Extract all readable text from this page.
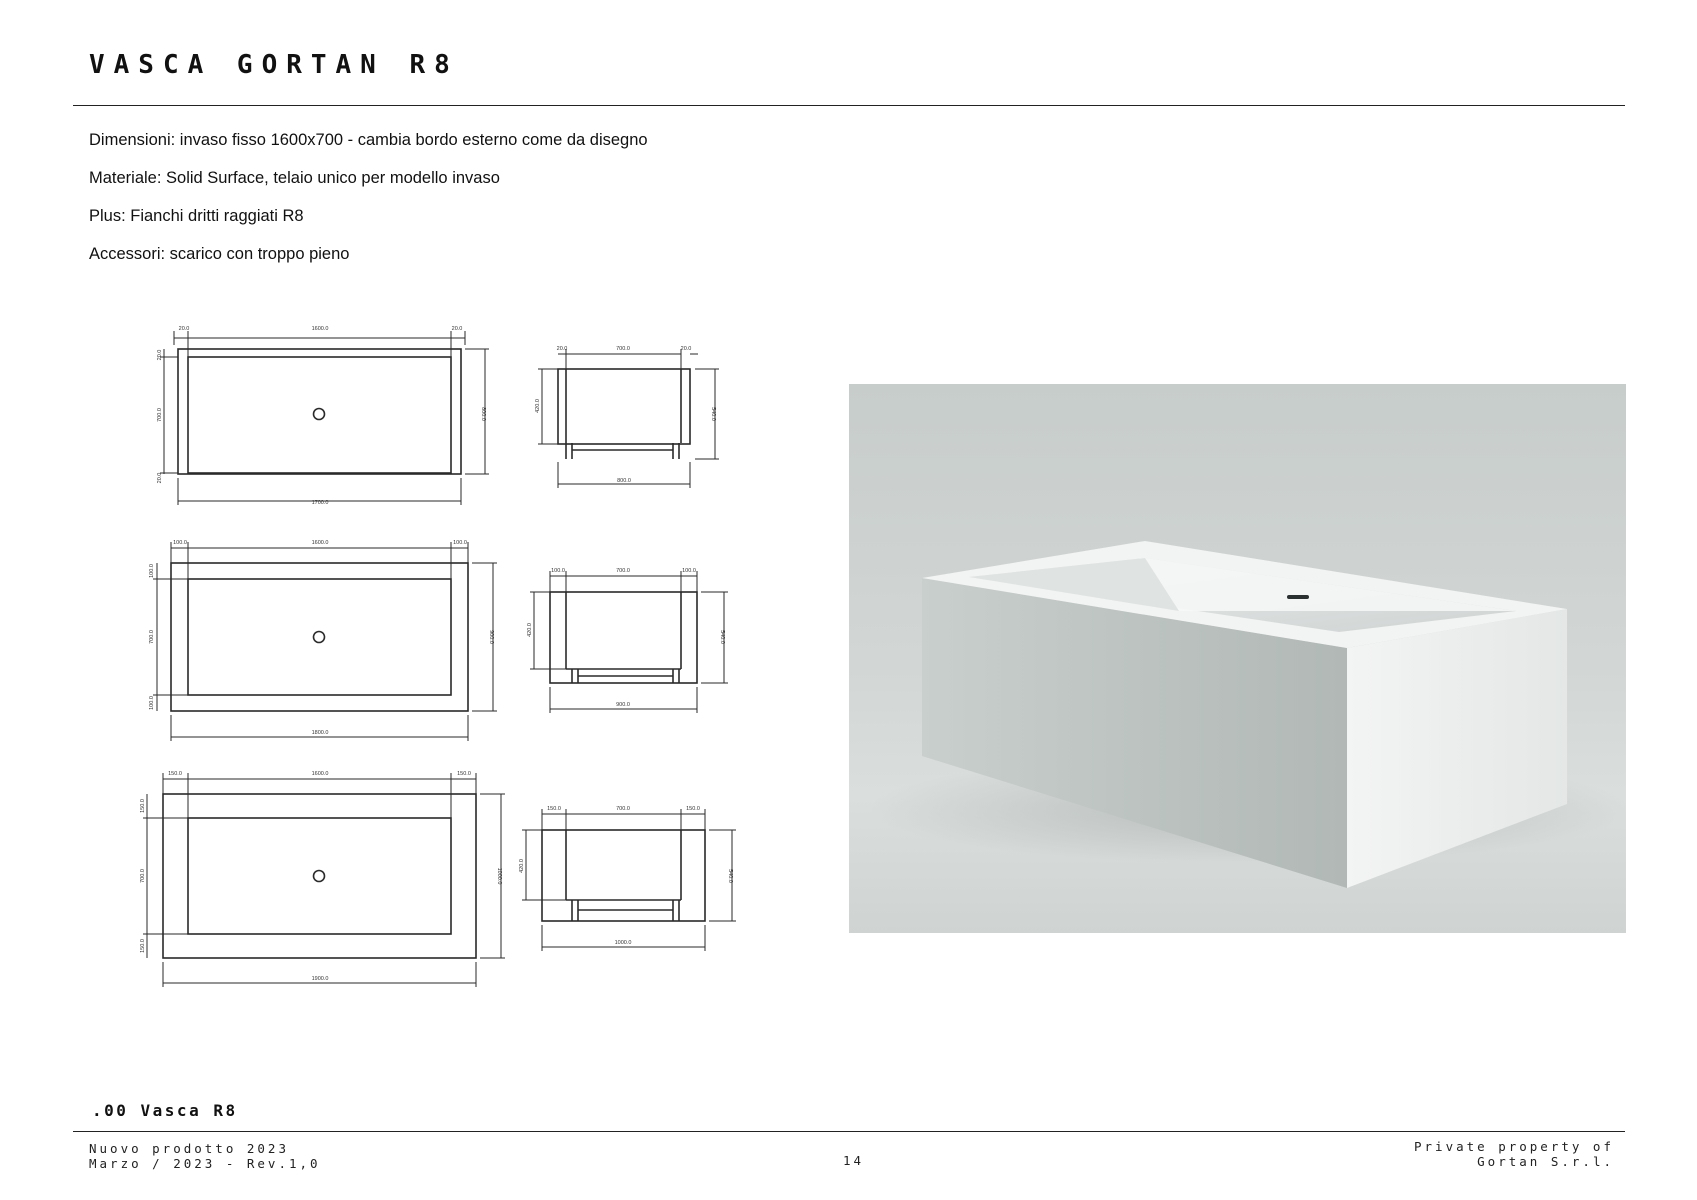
VASCA GORTAN R8
Dimensioni: invaso fisso 1600x700 - cambia bordo esterno come da disegno
Materiale: Solid Surface, telaio unico per modello invaso
Plus: Fianchi dritti raggiati R8
Accessori: scarico con troppo pieno
1600.0
20.0	20.0
1700.0
800.0
700.0
20.0
20.0
700.0
20.0	20.0
800.0
420.0
540.0
1600.0
100.0	100.0
1800.0
900.0
700.0
100.0
100.0
700.0
100.0	100.0
900.0
420.0
540.0
1600.0
150.0	150.0
1900.0
1000.0
700.0
150.0
150.0
700.0
150.0	150.0
1000.0
420.0
540.0
.00 Vasca R8
Nuovo prodotto 2023
Marzo / 2023 - Rev.1,0	14
Private property of
Gortan S.r.l.
